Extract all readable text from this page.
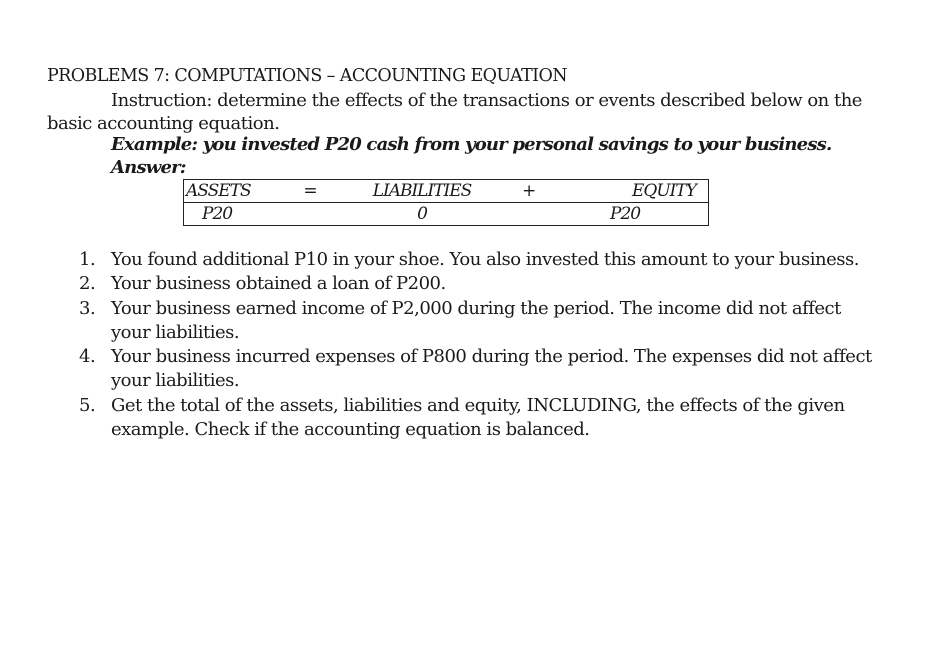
PROBLEMS 7: COMPUTATIONS – ACCOUNTING EQUATION
Instruction: determine the effects of the transactions or events described below on the basic accounting equation.
Example: you invested P20 cash from your personal savings to your business.
Answer:
ASSETS	=	LIABILITIES	+	EQUITY
P20		0		P20
1. You found additional P10 in your shoe. You also invested this amount to your business.
2. Your business obtained a loan of P200.
3. Your business earned income of P2,000 during the period. The income did not affect your liabilities.
4. Your business incurred expenses of P800 during the period. The expenses did not affect your liabilities.
5. Get the total of the assets, liabilities and equity, INCLUDING, the effects of the given example. Check if the accounting equation is balanced.
